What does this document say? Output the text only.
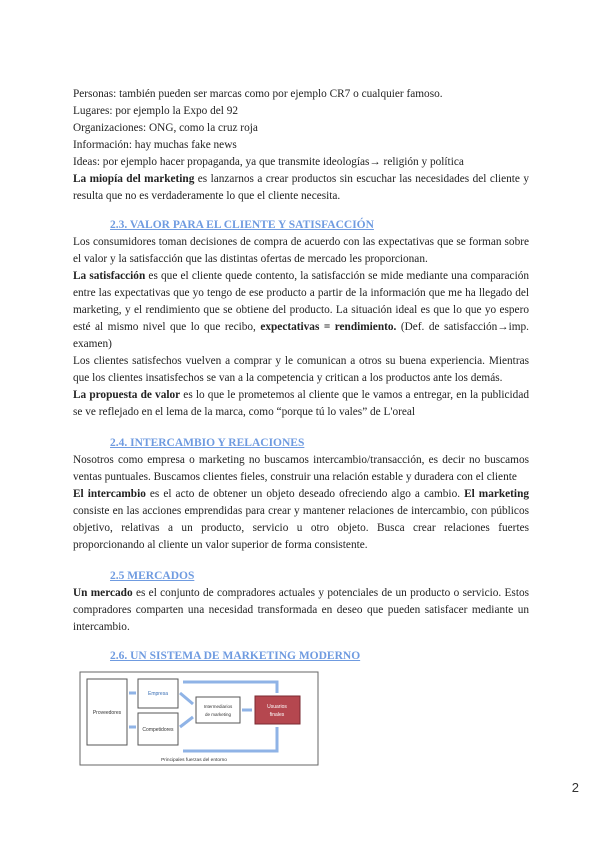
Personas: también pueden ser marcas como por ejemplo CR7 o cualquier famoso.

Lugares: por ejemplo la Expo del 92

Organizaciones: ONG, como la cruz roja

Información: hay muchas fake news

Ideas: por ejemplo hacer propaganda, ya que transmite ideologías→ religión y política

La miopía del marketing es lanzarnos a crear productos sin escuchar las necesidades del cliente y resulta que no es verdaderamente lo que el cliente necesita.

2.3. VALOR PARA EL CLIENTE Y SATISFACCIÓN

Los consumidores toman decisiones de compra de acuerdo con las expectativas que se forman sobre el valor y la satisfacción que las distintas ofertas de mercado les proporcionan.

La satisfacción es que el cliente quede contento, la satisfacción se mide mediante una comparación entre las expectativas que yo tengo de ese producto a partir de la información que me ha llegado del marketing, y el rendimiento que se obtiene del producto. La situación ideal es que lo que yo espero esté al mismo nivel que lo que recibo, expectativas = rendimiento. (Def. de satisfacción→imp. examen)

Los clientes satisfechos vuelven a comprar y le comunican a otros su buena experiencia. Mientras que los clientes insatisfechos se van a la competencia y critican a los productos ante los demás.

La propuesta de valor es lo que le prometemos al cliente que le vamos a entregar, en la publicidad se ve reflejado en el lema de la marca, como “porque tú lo vales” de L'oreal

2.4. INTERCAMBIO Y RELACIONES

Nosotros como empresa o marketing no buscamos intercambio/transacción, es decir no buscamos ventas puntuales. Buscamos clientes fieles, construir una relación estable y duradera con el cliente

El intercambio es el acto de obtener un objeto deseado ofreciendo algo a cambio. El marketing consiste en las acciones emprendidas para crear y mantener relaciones de intercambio, con públicos objetivo, relativas a un producto, servicio u otro objeto. Busca crear relaciones fuertes proporcionando al cliente un valor superior de forma consistente.

2.5 MERCADOS

Un mercado es el conjunto de compradores actuales y potenciales de un producto o servicio. Estos compradores comparten una necesidad transformada en deseo que pueden satisfacer mediante un intercambio.

2.6. UN SISTEMA DE MARKETING MODERNO
Proveedores
Empresa
Competidores
Intermediarios
de marketing
Usuarios
finales
Principales fuerzas del entorno
2
